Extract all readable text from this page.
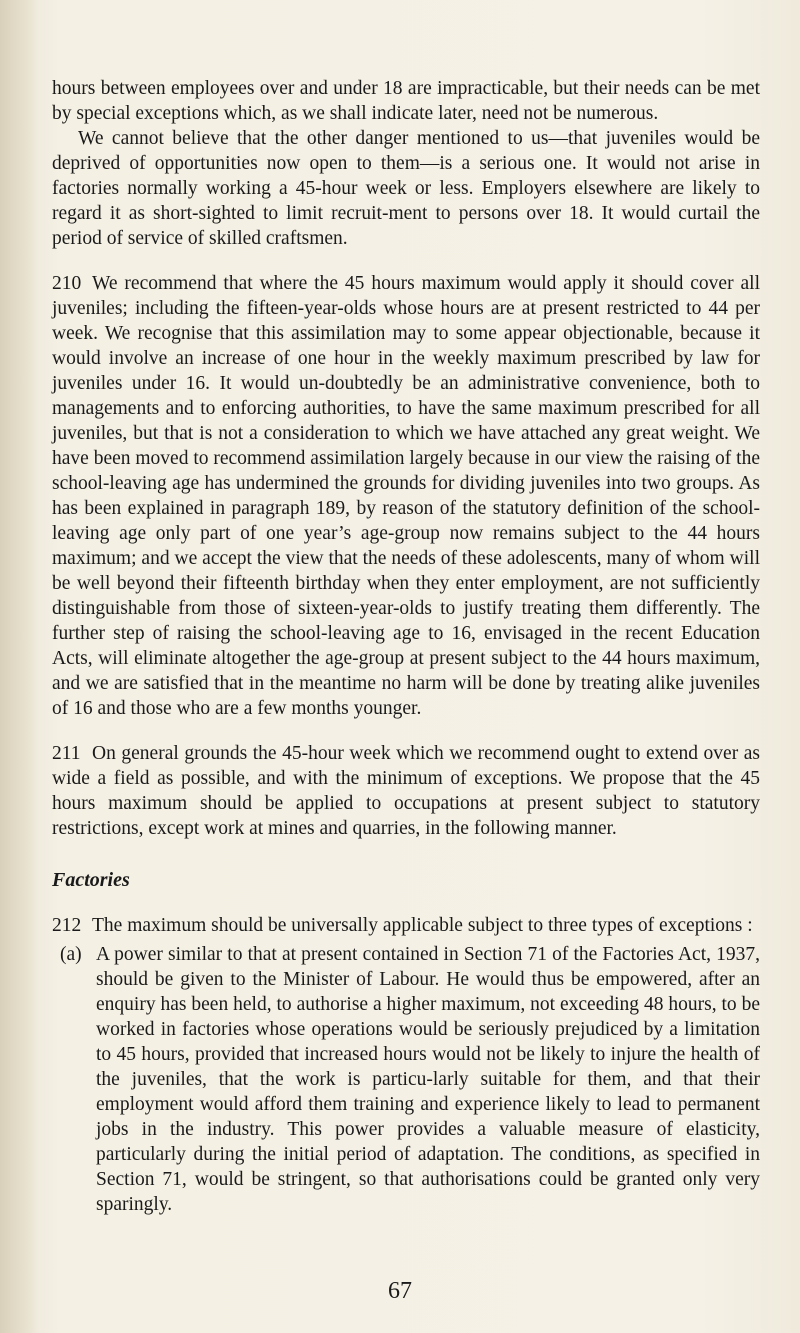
hours between employees over and under 18 are impracticable, but their needs can be met by special exceptions which, as we shall indicate later, need not be numerous.

We cannot believe that the other danger mentioned to us—that juveniles would be deprived of opportunities now open to them—is a serious one. It would not arise in factories normally working a 45-hour week or less. Employers elsewhere are likely to regard it as short-sighted to limit recruit-ment to persons over 18. It would curtail the period of service of skilled craftsmen.

210 We recommend that where the 45 hours maximum would apply it should cover all juveniles; including the fifteen-year-olds whose hours are at present restricted to 44 per week. We recognise that this assimilation may to some appear objectionable, because it would involve an increase of one hour in the weekly maximum prescribed by law for juveniles under 16. It would un-doubtedly be an administrative convenience, both to managements and to enforcing authorities, to have the same maximum prescribed for all juveniles, but that is not a consideration to which we have attached any great weight. We have been moved to recommend assimilation largely because in our view the raising of the school-leaving age has undermined the grounds for dividing juveniles into two groups. As has been explained in paragraph 189, by reason of the statutory definition of the school-leaving age only part of one year’s age-group now remains subject to the 44 hours maximum; and we accept the view that the needs of these adolescents, many of whom will be well beyond their fifteenth birthday when they enter employment, are not sufficiently distinguishable from those of sixteen-year-olds to justify treating them differently. The further step of raising the school-leaving age to 16, envisaged in the recent Education Acts, will eliminate altogether the age-group at present subject to the 44 hours maximum, and we are satisfied that in the meantime no harm will be done by treating alike juveniles of 16 and those who are a few months younger.

211 On general grounds the 45-hour week which we recommend ought to extend over as wide a field as possible, and with the minimum of exceptions. We propose that the 45 hours maximum should be applied to occupations at present subject to statutory restrictions, except work at mines and quarries, in the following manner.

Factories

212 The maximum should be universally applicable subject to three types of exceptions :

(a) A power similar to that at present contained in Section 71 of the Factories Act, 1937, should be given to the Minister of Labour. He would thus be empowered, after an enquiry has been held, to authorise a higher maximum, not exceeding 48 hours, to be worked in factories whose operations would be seriously prejudiced by a limitation to 45 hours, provided that increased hours would not be likely to injure the health of the juveniles, that the work is particu-larly suitable for them, and that their employment would afford them training and experience likely to lead to permanent jobs in the industry. This power provides a valuable measure of elasticity, particularly during the initial period of adaptation. The conditions, as specified in Section 71, would be stringent, so that authorisations could be granted only very sparingly.
67
